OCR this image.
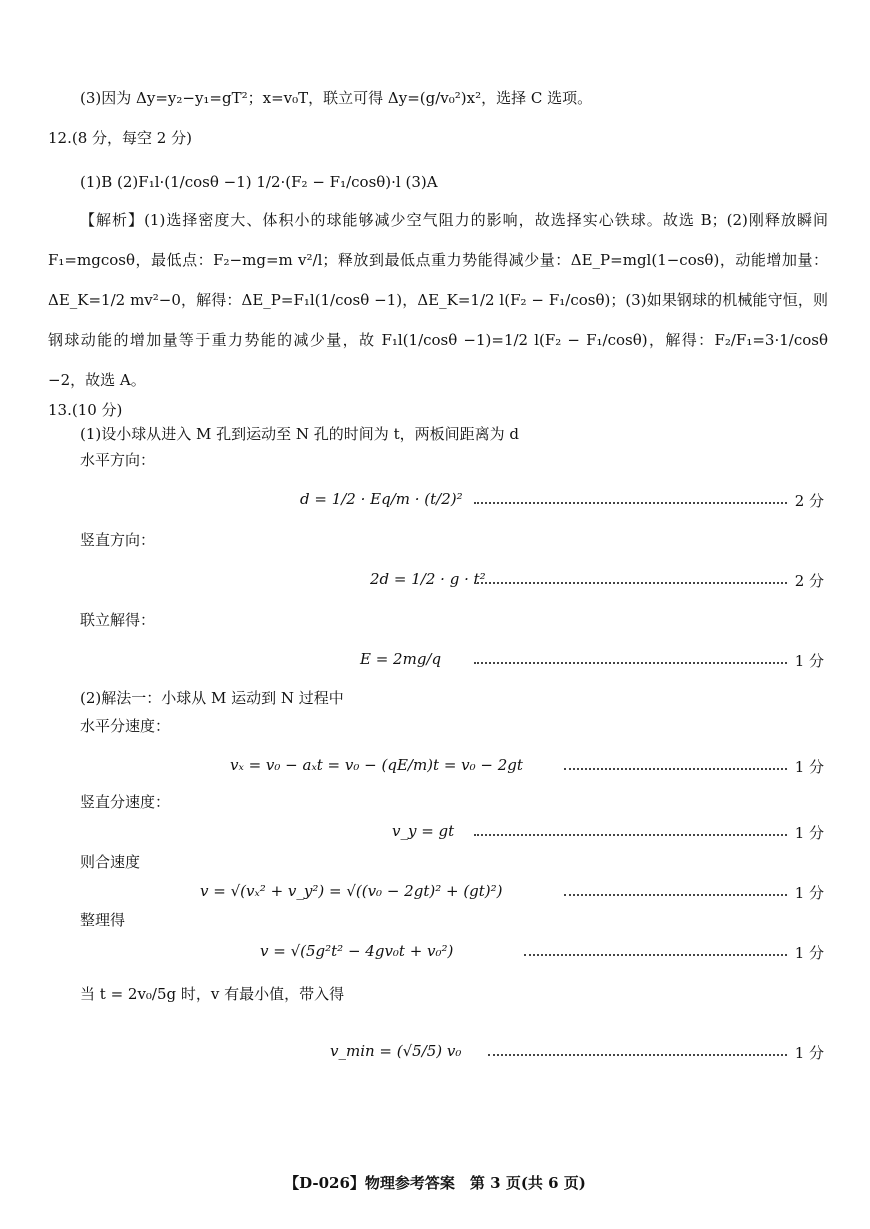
(3)因为 Δy=y₂−y₁=gT²；x=v₀T，联立可得 Δy=(g/v₀²)x²，选择 C 选项。
12.(8 分，每空 2 分)
(1)B (2)F₁l·(1/cosθ −1) 1/2·(F₂ − F₁/cosθ)·l (3)A
【解析】(1)选择密度大、体积小的球能够减少空气阻力的影响，故选择实心铁球。故选 B；(2)刚释放瞬间 F₁=mgcosθ，最低点：F₂−mg=m v²/l；释放到最低点重力势能得减少量：ΔE_P=mgl(1−cosθ)，动能增加量：ΔE_K=1/2 mv²−0，解得：ΔE_P=F₁l(1/cosθ −1)，ΔE_K=1/2 l(F₂ − F₁/cosθ)；(3)如果钢球的机械能守恒，则钢球动能的增加量等于重力势能的减少量，故 F₁l(1/cosθ −1)=1/2 l(F₂ − F₁/cosθ)，解得：F₂/F₁=3·1/cosθ −2，故选 A。
13.(10 分)
(1)设小球从进入 M 孔到运动至 N 孔的时间为 t，两板间距离为 d
水平方向：
d = 1/2 · Eq/m · (t/2)²	2 分
竖直方向：
2d = 1/2 · g · t²	2 分
联立解得：
E = 2mg/q	1 分
(2)解法一：小球从 M 运动到 N 过程中
水平分速度：
vₓ = v₀ − aₓt = v₀ − (qE/m)t = v₀ − 2gt	1 分
竖直分速度：
v_y = gt	1 分
则合速度
v = √(vₓ² + v_y²) = √((v₀ − 2gt)² + (gt)²)	1 分
整理得
v = √(5g²t² − 4gv₀t + v₀²)	1 分
当 t = 2v₀/5g 时，v 有最小值，带入得
v_min = (√5/5) v₀	1 分
【D-026】物理参考答案　第 3 页(共 6 页)
